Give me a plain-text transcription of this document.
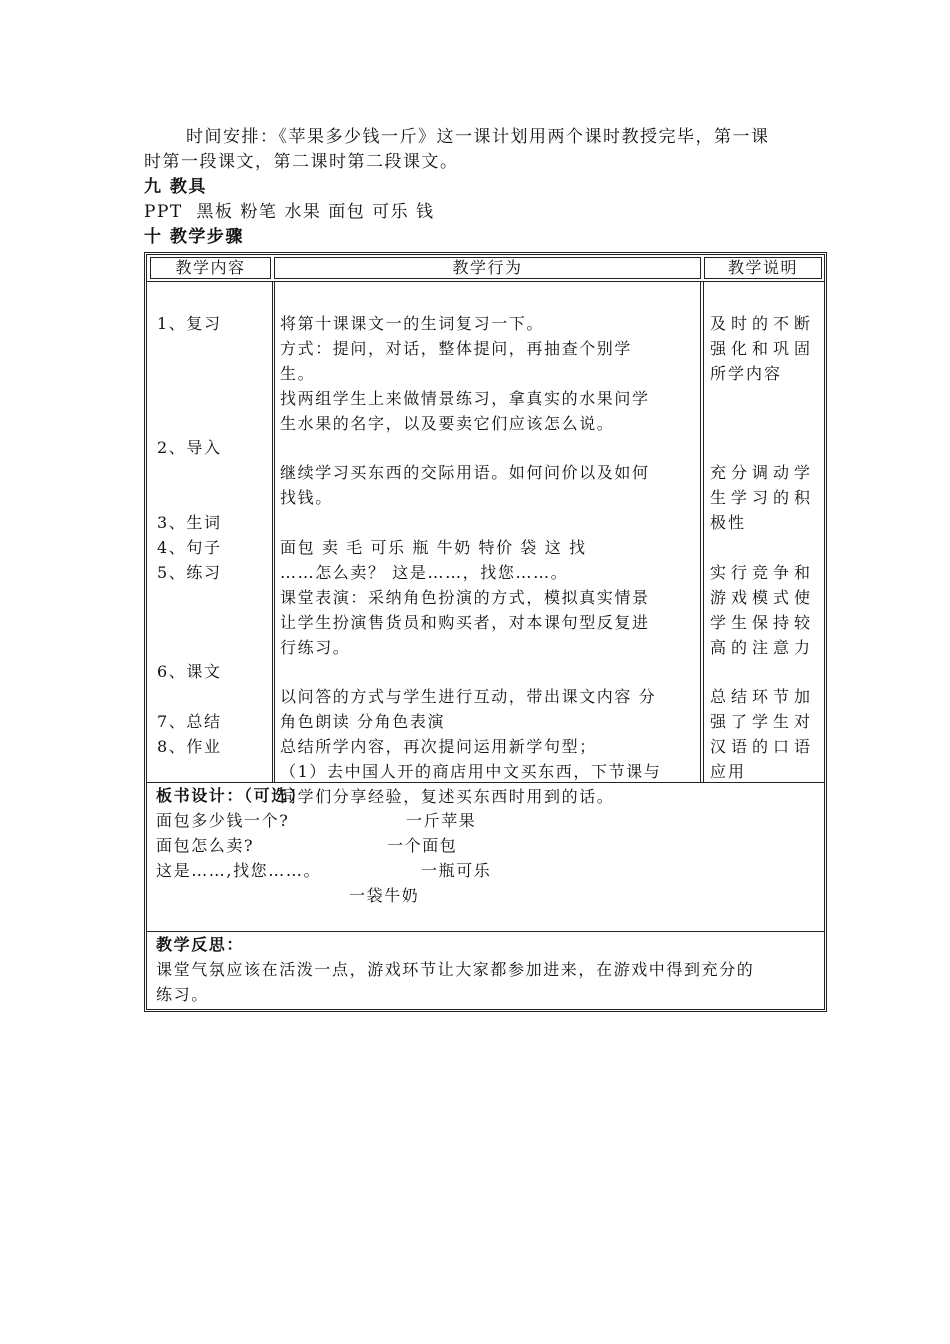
时间安排：《苹果多少钱一斤》这一课计划用两个课时教授完毕，第一课
时第一段课文，第二课时第二段课文。
九 教具
PPT  黑板 粉笔 水果 面包 可乐 钱
十 教学步骤
教学内容	教学行为	教学说明
1、复习
2、导入
3、生词
4、句子
5、练习
6、课文
7、总结
8、作业
将第十课课文一的生词复习一下。
方式：提问，对话，整体提问，再抽查个别学
生。
找两组学生上来做情景练习，拿真实的水果问学
生水果的名字，以及要卖它们应该怎么说。
继续学习买东西的交际用语。如何问价以及如何
找钱。
面包 卖 毛 可乐 瓶 牛奶 特价 袋 这 找
……怎么卖？ 这是……，找您……。
课堂表演：采纳角色扮演的方式，模拟真实情景
让学生扮演售货员和购买者，对本课句型反复进
行练习。
以问答的方式与学生进行互动，带出课文内容 分
角色朗读 分角色表演
总结所学内容，再次提问运用新学句型；
（1）去中国人开的商店用中文买东西，下节课与
同学们分享经验，复述买东西时用到的话。
及时的不断
强化和巩固
所学内容
充分调动学
生学习的积
极性
实行竞争和
游戏模式使
学生保持较
高的注意力
总结环节加
强了学生对
汉语的口语
应用
板书设计：（可选）
面包多少钱一个?
面包怎么卖?
这是……,找您……。
一斤苹果
一个面包
一瓶可乐
一袋牛奶
教学反思：
课堂气氛应该在活泼一点，游戏环节让大家都参加进来，在游戏中得到充分的
练习。
